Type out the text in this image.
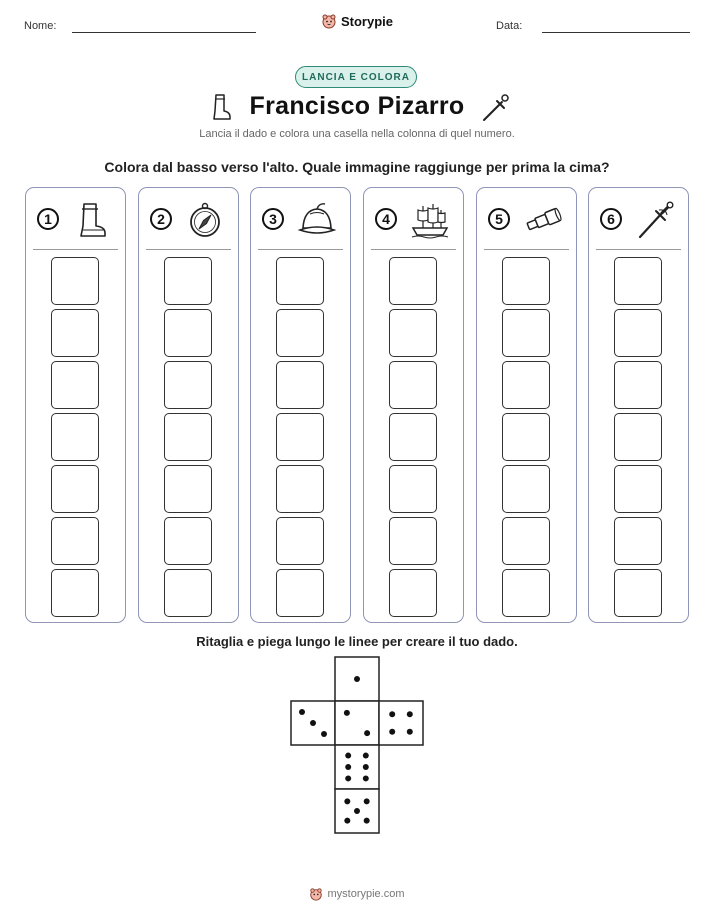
Nome:	Storypie	Data:
LANCIA E COLORA
Francisco Pizarro
Lancia il dado e colora una casella nella colonna di quel numero.
Colora dal basso verso l'alto. Quale immagine raggiunge per prima la cima?
1	2	3	4	5	6
Ritaglia e piega lungo le linee per creare il tuo dado.
mystorypie.com
